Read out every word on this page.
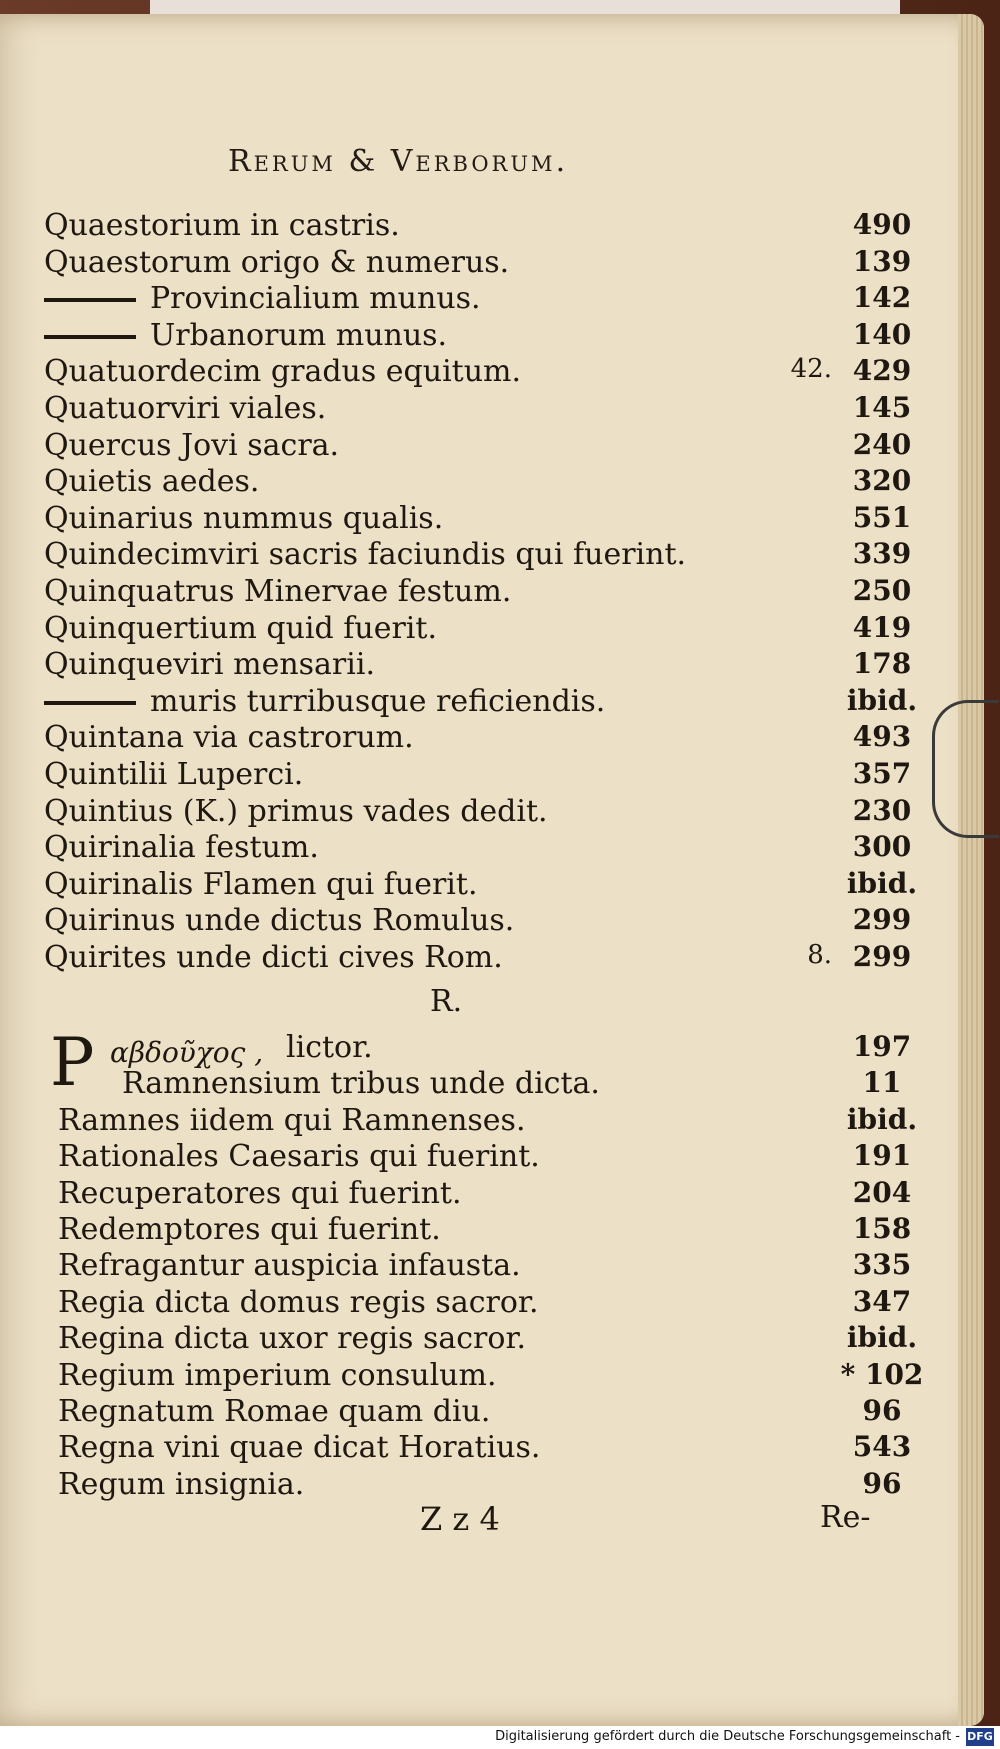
Rerum & Verborum.
Quaestorium in castris.	490
Quaestorum origo & numerus.	139
Provincialium munus.	142
Urbanorum munus.	140
Quatuordecim gradus equitum.	42. 429
Quatuorviri viales.	145
Quercus Jovi sacra.	240
Quietis aedes.	320
Quinarius nummus qualis.	551
Quindecimviri sacris faciundis qui fuerint.	339
Quinquatrus Minervae festum.	250
Quinquertium quid fuerit.	419
Quinqueviri mensarii.	178
muris turribusque reficiendis.	ibid.
Quintana via castrorum.	493
Quintilii Luperci.	357
Quintius (K.) primus vades dedit.	230
Quirinalia festum.	300
Quirinalis Flamen qui fuerit.	ibid.
Quirinus unde dictus Romulus.	299
Quirites unde dicti cives Rom.	8. 299
R.
P αβδοῦχος , lictor.	197
Ramnensium tribus unde dicta.	11
Ramnes iidem qui Ramnenses.	ibid.
Rationales Caesaris qui fuerint.	191
Recuperatores qui fuerint.	204
Redemptores qui fuerint.	158
Refragantur auspicia infausta.	335
Regia dicta domus regis sacror.	347
Regina dicta uxor regis sacror.	ibid.
Regium imperium consulum.	* 102
Regnatum Romae quam diu.	96
Regna vini quae dicat Horatius.	543
Regum insignia.	96
Z z 4	Re-
Digitalisierung gefördert durch die Deutsche Forschungsgemeinschaft - DFG
